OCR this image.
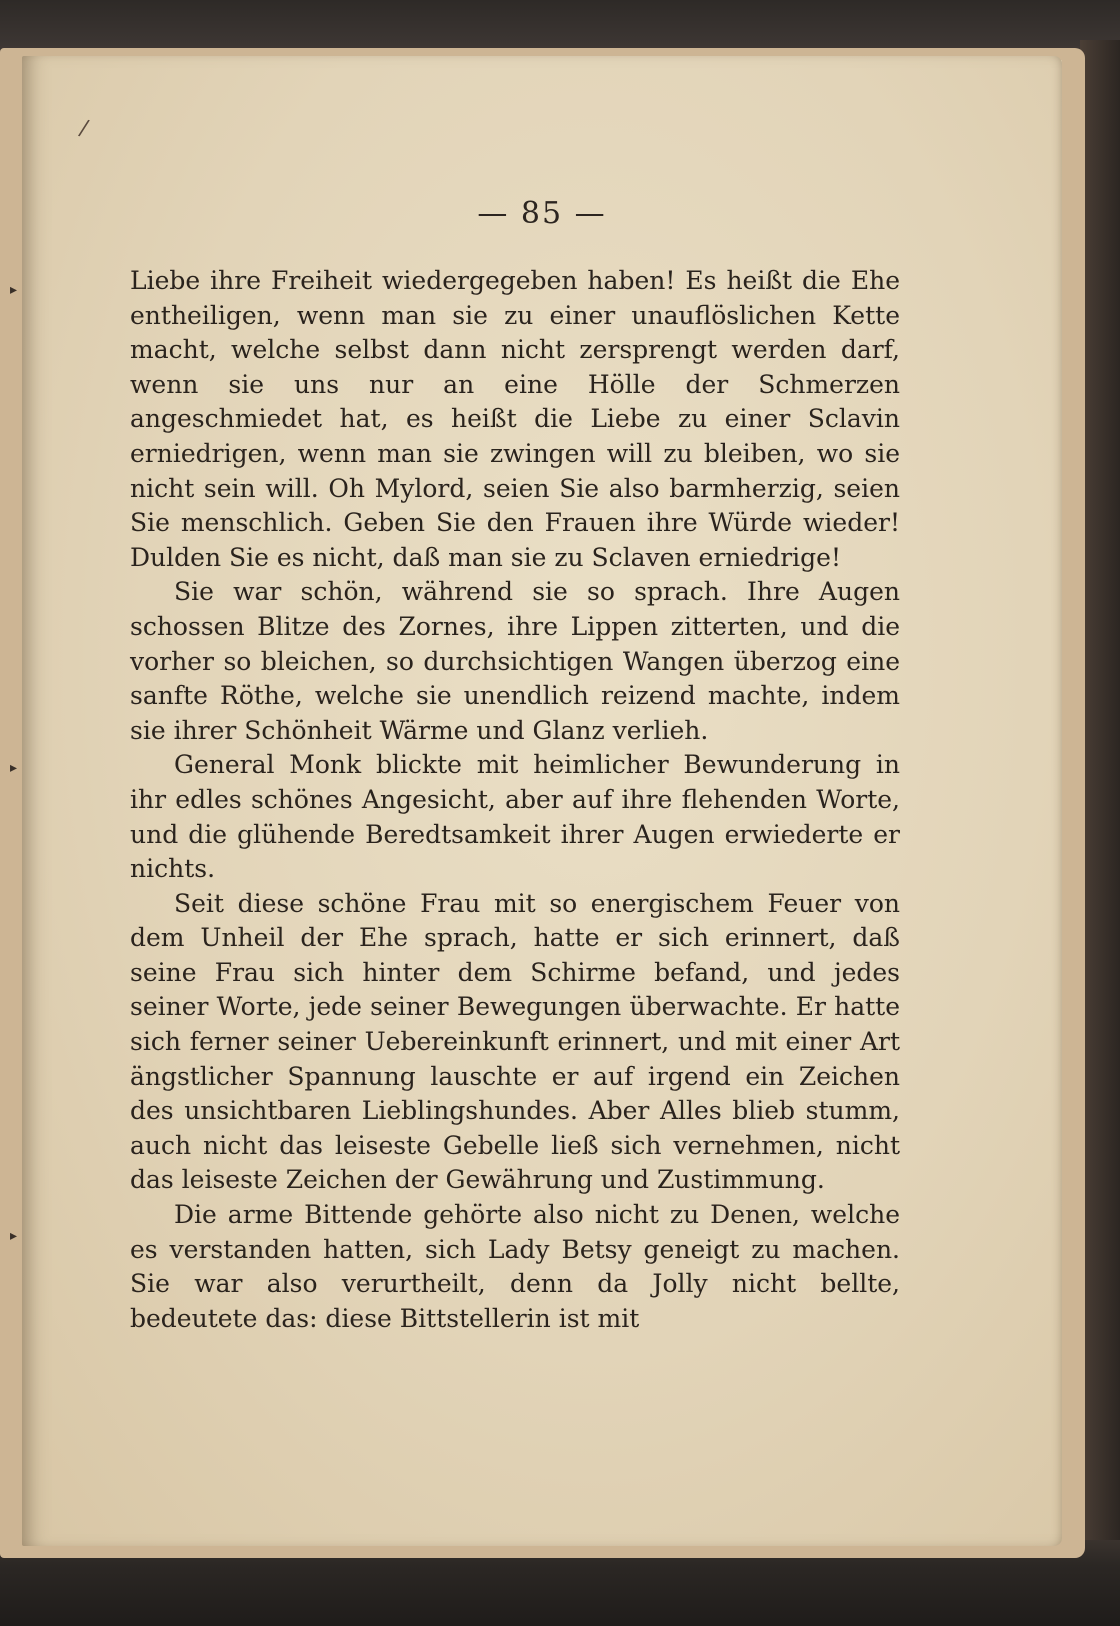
— 85 —

Liebe ihre Freiheit wiedergegeben haben! Es heißt die Ehe entheiligen, wenn man sie zu einer unauflöslichen Kette macht, welche selbst dann nicht zersprengt werden darf, wenn sie uns nur an eine Hölle der Schmerzen angeschmiedet hat, es heißt die Liebe zu einer Sclavin erniedrigen, wenn man sie zwingen will zu bleiben, wo sie nicht sein will. Oh Mylord, seien Sie also barmherzig, seien Sie menschlich. Geben Sie den Frauen ihre Würde wieder! Dulden Sie es nicht, daß man sie zu Sclaven erniedrige!

Sie war schön, während sie so sprach. Ihre Augen schossen Blitze des Zornes, ihre Lippen zitterten, und die vorher so bleichen, so durchsichtigen Wangen überzog eine sanfte Röthe, welche sie unendlich reizend machte, indem sie ihrer Schönheit Wärme und Glanz verlieh.

General Monk blickte mit heimlicher Bewunderung in ihr edles schönes Angesicht, aber auf ihre flehenden Worte, und die glühende Beredtsamkeit ihrer Augen erwiederte er nichts.

Seit diese schöne Frau mit so energischem Feuer von dem Unheil der Ehe sprach, hatte er sich erinnert, daß seine Frau sich hinter dem Schirme befand, und jedes seiner Worte, jede seiner Bewegungen überwachte. Er hatte sich ferner seiner Uebereinkunft erinnert, und mit einer Art ängstlicher Spannung lauschte er auf irgend ein Zeichen des unsichtbaren Lieblingshundes. Aber Alles blieb stumm, auch nicht das leiseste Gebelle ließ sich vernehmen, nicht das leiseste Zeichen der Gewährung und Zustimmung.

Die arme Bittende gehörte also nicht zu Denen, welche es verstanden hatten, sich Lady Betsy geneigt zu machen. Sie war also verurtheilt, denn da Jolly nicht bellte, bedeutete das: diese Bittstellerin ist mit

/
▸
▸
▸
